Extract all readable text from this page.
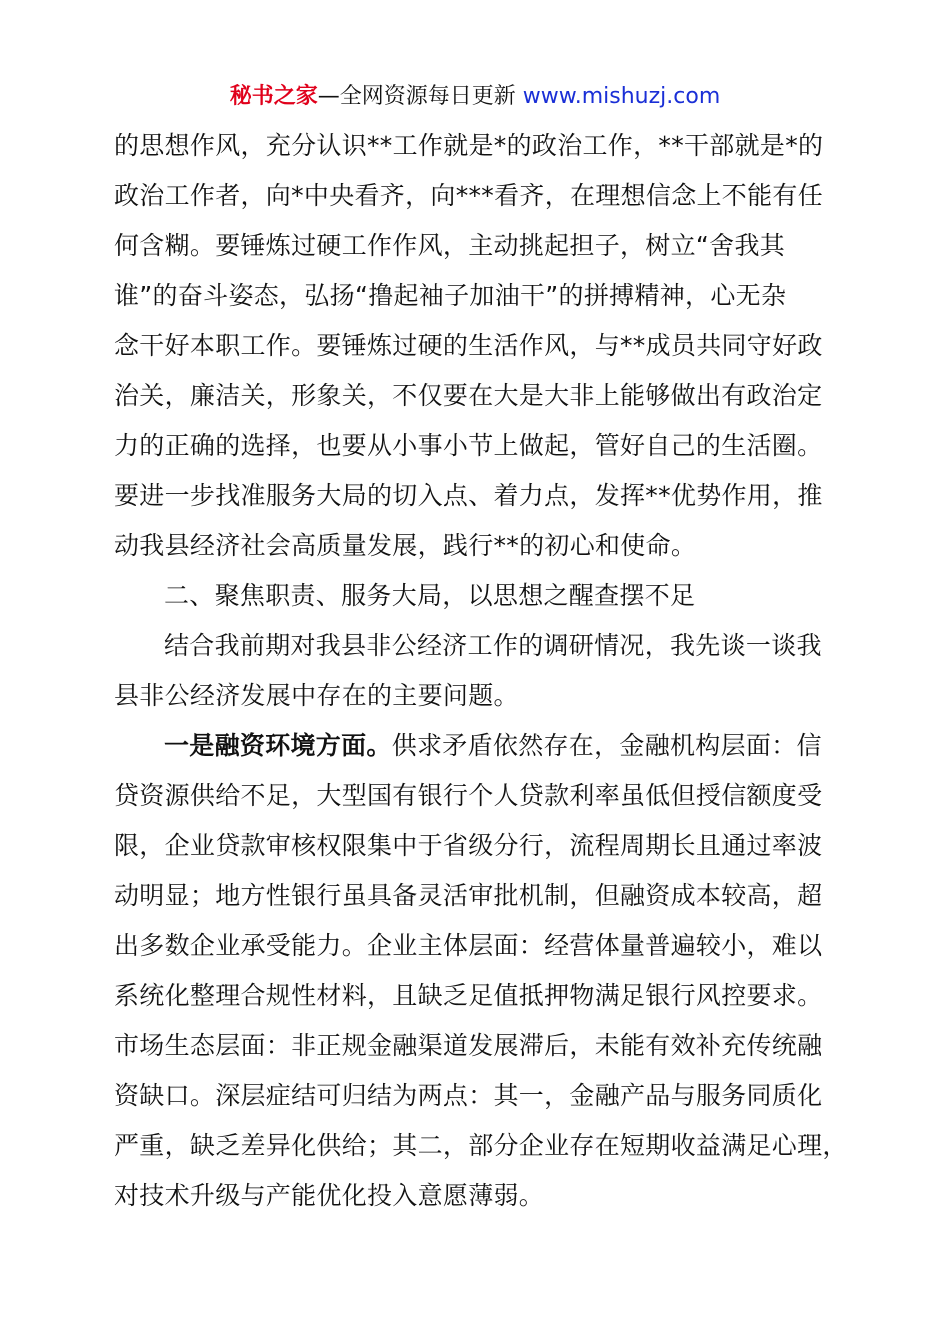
秘书之家—全网资源每日更新 www.mishuzj.com
的思想作风，充分认识**工作就是*的政治工作，**干部就是*的
政治工作者，向*中央看齐，向***看齐，在理想信念上不能有任
何含糊。要锤炼过硬工作作风，主动挑起担子，树立“舍我其
谁”的奋斗姿态，弘扬“撸起袖子加油干”的拼搏精神，心无杂
念干好本职工作。要锤炼过硬的生活作风，与**成员共同守好政
治关，廉洁关，形象关，不仅要在大是大非上能够做出有政治定
力的正确的选择，也要从小事小节上做起，管好自己的生活圈。
要进一步找准服务大局的切入点、着力点，发挥**优势作用，推
动我县经济社会高质量发展，践行**的初心和使命。
二、聚焦职责、服务大局，以思想之醒查摆不足
结合我前期对我县非公经济工作的调研情况，我先谈一谈我
县非公经济发展中存在的主要问题。
一是融资环境方面。供求矛盾依然存在，金融机构层面：信
贷资源供给不足，大型国有银行个人贷款利率虽低但授信额度受
限，企业贷款审核权限集中于省级分行，流程周期长且通过率波
动明显；地方性银行虽具备灵活审批机制，但融资成本较高，超
出多数企业承受能力。企业主体层面：经营体量普遍较小，难以
系统化整理合规性材料，且缺乏足值抵押物满足银行风控要求。
市场生态层面：非正规金融渠道发展滞后，未能有效补充传统融
资缺口。深层症结可归结为两点：其一，金融产品与服务同质化
严重，缺乏差异化供给；其二，部分企业存在短期收益满足心理，
对技术升级与产能优化投入意愿薄弱。
